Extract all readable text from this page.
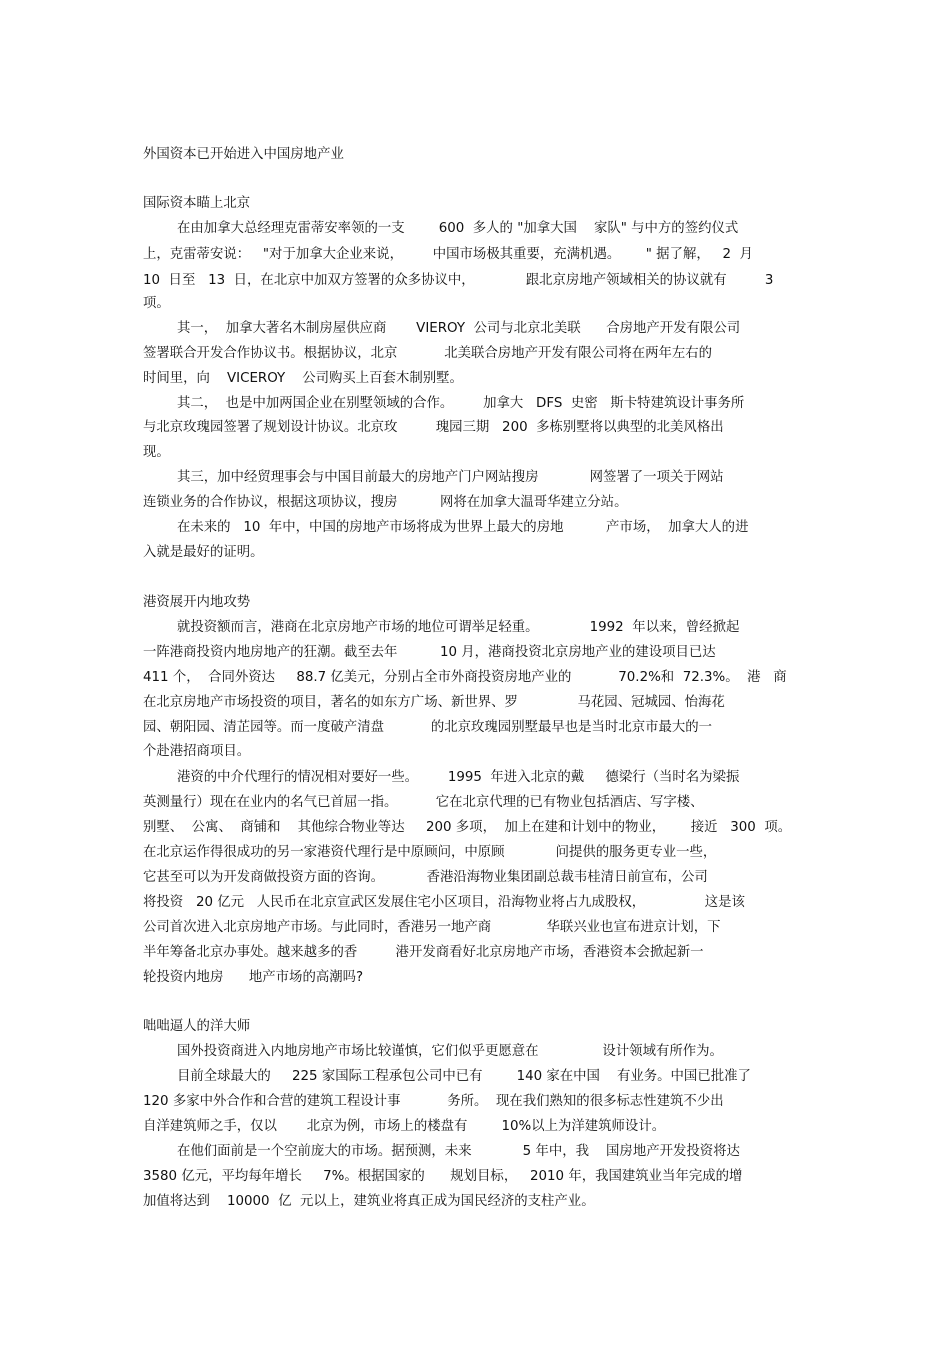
外国资本已开始进入中国房地产业
国际资本瞄上北京
在由加拿大总经理克雷蒂安率领的一支        600  多人的 "加拿大国    家队" 与中方的签约仪式
上，克雷蒂安说：   "对于加拿大企业来说，       中国市场极其重要，充满机遇。      " 据了解，   2  月
10  日至   13  日，在北京中加双方签署的众多协议中，            跟北京房地产领域相关的协议就有         3
项。
其一，  加拿大著名木制房屋供应商       VIEROY  公司与北京北美联      合房地产开发有限公司
签署联合开发合作协议书。根据协议，北京           北美联合房地产开发有限公司将在两年左右的
时间里，向    VICEROY    公司购买上百套木制别墅。
其二，  也是中加两国企业在别墅领域的合作。       加拿大   DFS  史密   斯卡特建筑设计事务所
与北京玫瑰园签署了规划设计协议。北京玫         瑰园三期   200  多栋别墅将以典型的北美风格出
现。
其三，加中经贸理事会与中国目前最大的房地产门户网站搜房            网签署了一项关于网站
连锁业务的合作协议，根据这项协议，搜房          网将在加拿大温哥华建立分站。
在未来的   10  年中，中国的房地产市场将成为世界上最大的房地          产市场，  加拿大人的进
入就是最好的证明。
港资展开内地攻势
就投资额而言，港商在北京房地产市场的地位可谓举足轻重。            1992  年以来，曾经掀起
一阵港商投资内地房地产的狂潮。截至去年          10 月，港商投资北京房地产业的建设项目已达
411 个，  合同外资达     88.7 亿美元，分别占全市外商投资房地产业的           70.2%和  72.3%。  港   商
在北京房地产市场投资的项目，著名的如东方广场、新世界、罗              马花园、冠城园、怡海花
园、朝阳园、清芷园等。而一度破产清盘           的北京玫瑰园别墅最早也是当时北京市最大的一
个赴港招商项目。
港资的中介代理行的情况相对要好一些。       1995  年进入北京的戴     德梁行（当时名为梁振
英测量行）现在在业内的名气已首屈一指。         它在北京代理的已有物业包括酒店、写字楼、
别墅、  公寓、  商铺和    其他综合物业等达     200 多项，  加上在建和计划中的物业，      接近   300  项。
在北京运作得很成功的另一家港资代理行是中原顾问，中原顾            问提供的服务更专业一些，
它甚至可以为开发商做投资方面的咨询。          香港沿海物业集团副总裁韦桂清日前宣布，公司
将投资   20 亿元   人民币在北京宣武区发展住宅小区项目，沿海物业将占九成股权，              这是该
公司首次进入北京房地产市场。与此同时，香港另一地产商             华联兴业也宣布进京计划，下
半年筹备北京办事处。越来越多的香         港开发商看好北京房地产市场，香港资本会掀起新一
轮投资内地房      地产市场的高潮吗?
咄咄逼人的洋大师
国外投资商进入内地房地产市场比较谨慎，它们似乎更愿意在               设计领域有所作为。
目前全球最大的     225 家国际工程承包公司中已有        140 家在中国    有业务。中国已批准了
120 多家中外合作和合营的建筑工程设计事           务所。  现在我们熟知的很多标志性建筑不少出
自洋建筑师之手，仅以       北京为例，市场上的楼盘有        10%以上为洋建筑师设计。
在他们面前是一个空前庞大的市场。据预测，未来            5 年中，我    国房地产开发投资将达
3580 亿元，平均每年增长     7%。根据国家的      规划目标，   2010 年，我国建筑业当年完成的增
加值将达到    10000  亿  元以上，建筑业将真正成为国民经济的支柱产业。
